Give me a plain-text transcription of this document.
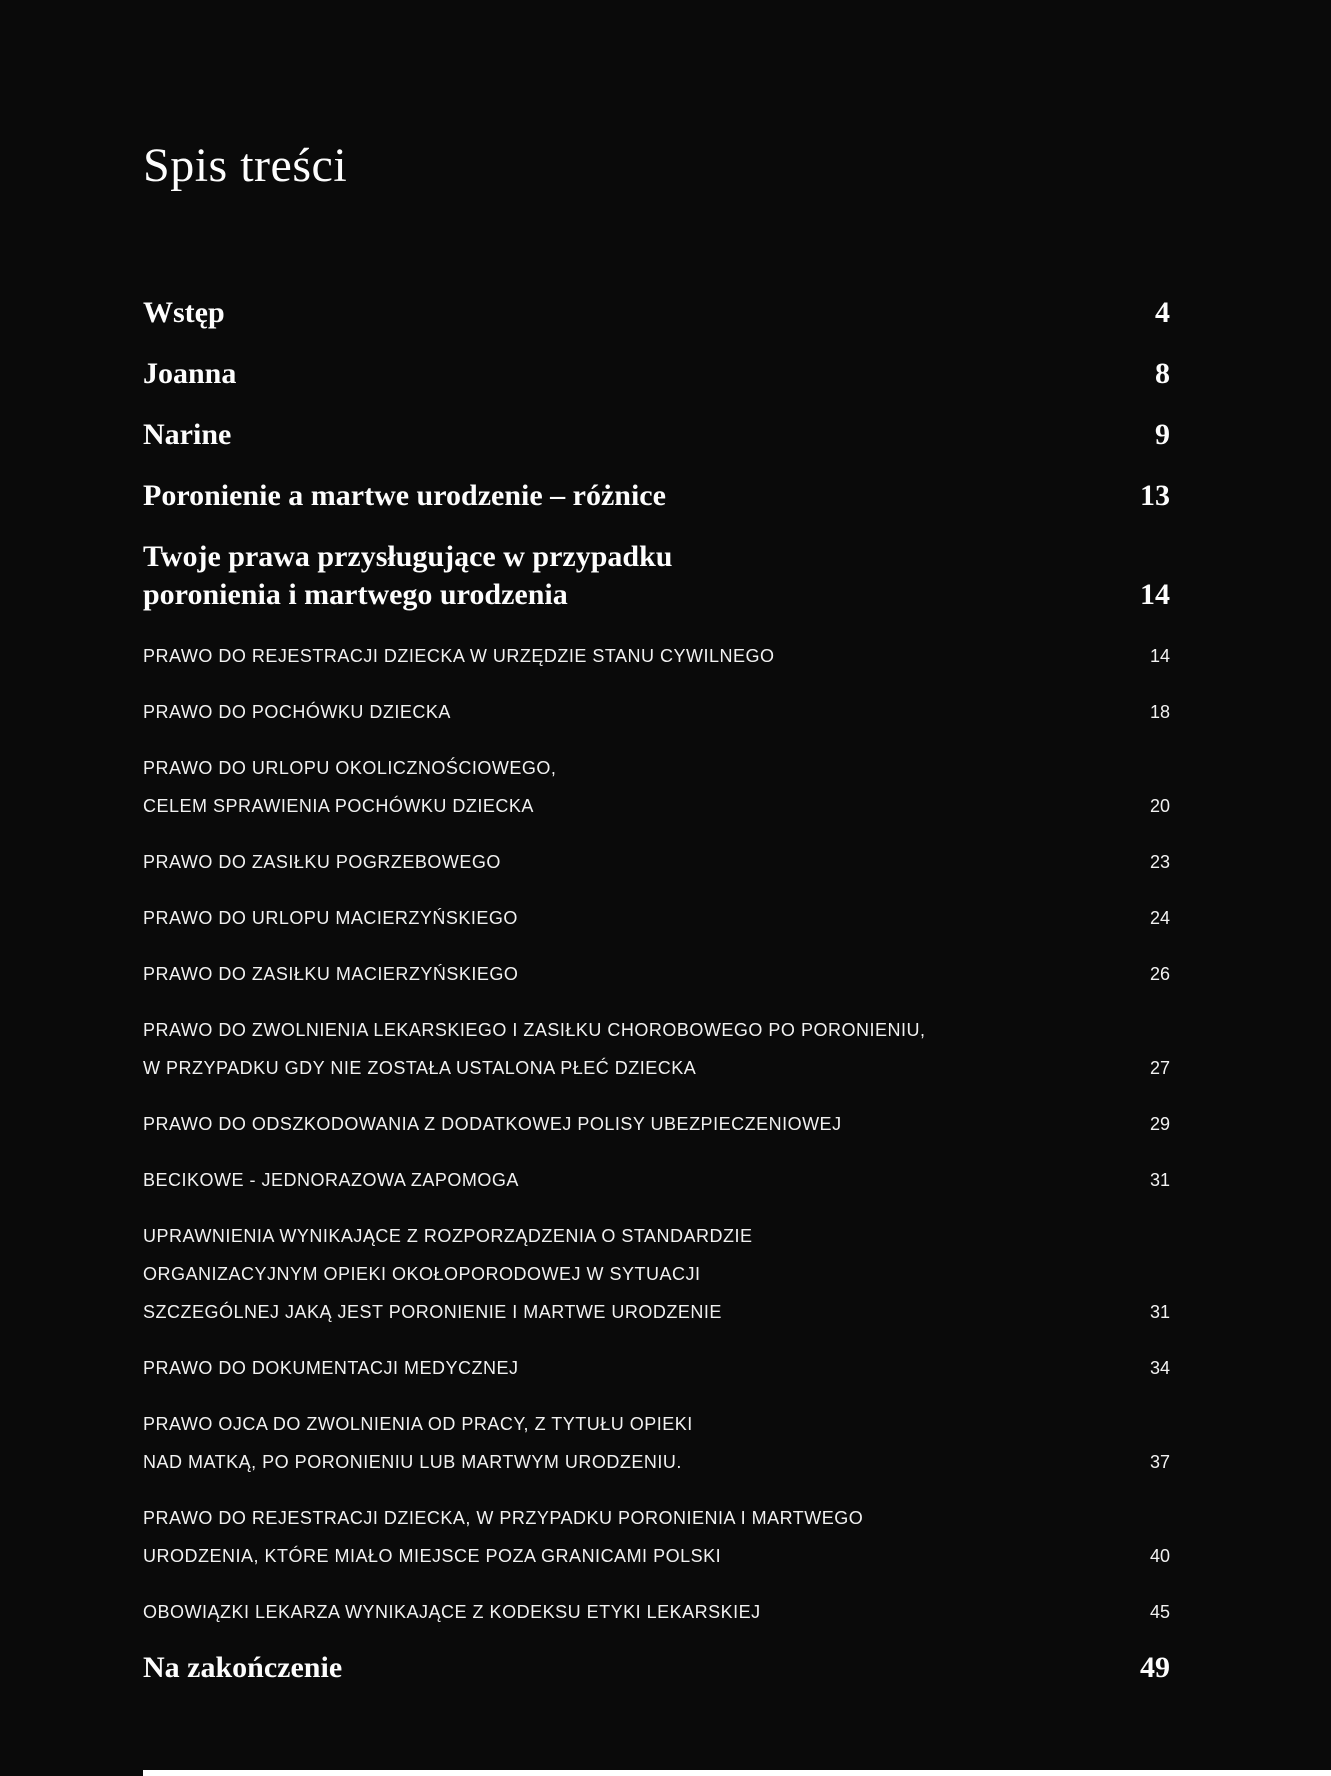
Spis treści
Wstęp	4
Joanna	8
Narine	9
Poronienie a martwe urodzenie – różnice	13
Twoje prawa przysługujące w przypadku
poronienia i martwego urodzenia	14
PRAWO DO REJESTRACJI DZIECKA W URZĘDZIE STANU CYWILNEGO	14
PRAWO DO POCHÓWKU DZIECKA	18
PRAWO DO URLOPU OKOLICZNOŚCIOWEGO,
CELEM SPRAWIENIA POCHÓWKU DZIECKA	20
PRAWO DO ZASIŁKU POGRZEBOWEGO	23
PRAWO DO URLOPU MACIERZYŃSKIEGO	24
PRAWO DO ZASIŁKU MACIERZYŃSKIEGO	26
PRAWO DO ZWOLNIENIA LEKARSKIEGO I ZASIŁKU CHOROBOWEGO PO PORONIENIU,
W PRZYPADKU GDY NIE ZOSTAŁA USTALONA PŁEĆ DZIECKA	27
PRAWO DO ODSZKODOWANIA Z DODATKOWEJ POLISY UBEZPIECZENIOWEJ	29
BECIKOWE - JEDNORAZOWA ZAPOMOGA	31
UPRAWNIENIA WYNIKAJĄCE Z ROZPORZĄDZENIA O STANDARDZIE
ORGANIZACYJNYM OPIEKI OKOŁOPORODOWEJ W SYTUACJI
SZCZEGÓLNEJ JAKĄ JEST PORONIENIE I MARTWE URODZENIE	31
PRAWO DO DOKUMENTACJI MEDYCZNEJ	34
PRAWO OJCA DO ZWOLNIENIA OD PRACY, Z TYTUŁU OPIEKI
NAD MATKĄ, PO PORONIENIU LUB MARTWYM URODZENIU.	37
PRAWO DO REJESTRACJI DZIECKA, W PRZYPADKU PORONIENIA I MARTWEGO
URODZENIA, KTÓRE MIAŁO MIEJSCE POZA GRANICAMI POLSKI	40
OBOWIĄZKI LEKARZA WYNIKAJĄCE Z KODEKSU ETYKI LEKARSKIEJ	45
Na zakończenie	49
